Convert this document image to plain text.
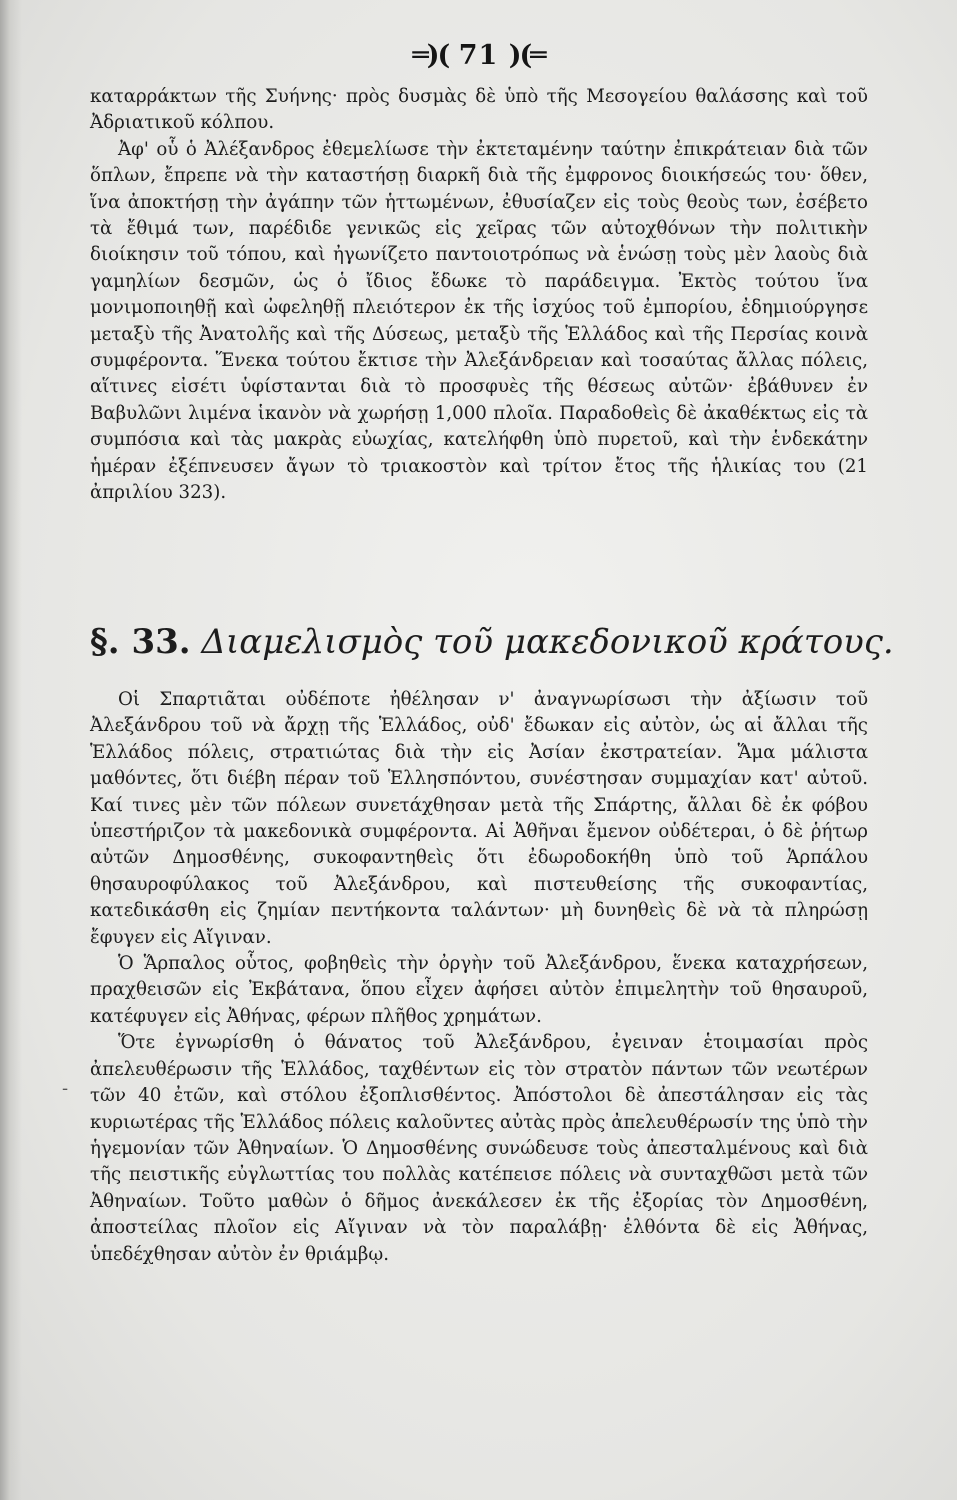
═)( 71 )(═

καταρράκτων τῆς Συήνης· πρὸς δυσμὰς δὲ ὑπὸ τῆς Μεσογείου θαλάσσης καὶ τοῦ Ἀδριατικοῦ κόλπου.

Ἀφ' οὗ ὁ Ἀλέξανδρος ἐθεμελίωσε τὴν ἐκτεταμένην ταύτην ἐπικράτειαν διὰ τῶν ὅπλων, ἔπρεπε νὰ τὴν καταστήσῃ διαρκῆ διὰ τῆς ἐμφρονος διοικήσεώς του· ὅθεν, ἵνα ἀποκτήσῃ τὴν ἀγάπην τῶν ἡττωμένων, ἐθυσίαζεν εἰς τοὺς θεοὺς των, ἐσέβετο τὰ ἔθιμά των, παρέδιδε γενικῶς εἰς χεῖρας τῶν αὐτοχθόνων τὴν πολιτικὴν διοίκησιν τοῦ τόπου, καὶ ἠγωνίζετο παντοιοτρόπως νὰ ἑνώσῃ τοὺς μὲν λαοὺς διὰ γαμηλίων δεσμῶν, ὡς ὁ ἴδιος ἔδωκε τὸ παράδειγμα. Ἐκτὸς τούτου ἵνα μονιμοποιηθῇ καὶ ὠφεληθῇ πλειότερον ἐκ τῆς ἰσχύος τοῦ ἐμπορίου, ἐδημιούργησε μεταξὺ τῆς Ἀνατολῆς καὶ τῆς Δύσεως, μεταξὺ τῆς Ἑλλάδος καὶ τῆς Περσίας κοινὰ συμφέροντα. Ἕνεκα τούτου ἔκτισε τὴν Ἀλεξάνδρειαν καὶ τοσαύτας ἄλλας πόλεις, αἵτινες εἰσέτι ὑφίστανται διὰ τὸ προσφυὲς τῆς θέσεως αὐτῶν· ἐβάθυνεν ἐν Βαβυλῶνι λιμένα ἱκανὸν νὰ χωρήσῃ 1,000 πλοῖα. Παραδοθεὶς δὲ ἀκαθέκτως εἰς τὰ συμπόσια καὶ τὰς μακρὰς εὐωχίας, κατελήφθη ὑπὸ πυρετοῦ, καὶ τὴν ἑνδεκάτην ἡμέραν ἐξέπνευσεν ἄγων τὸ τριακοστὸν καὶ τρίτον ἔτος τῆς ἡλικίας του (21 ἀπριλίου 323).

§. 33. Διαμελισμὸς τοῦ μακεδονικοῦ κράτους.

Οἱ Σπαρτιᾶται οὐδέποτε ἠθέλησαν ν' ἀναγνωρίσωσι τὴν ἀξίωσιν τοῦ Ἀλεξάνδρου τοῦ νὰ ἄρχῃ τῆς Ἑλλάδος, οὐδ' ἔδωκαν εἰς αὐτὸν, ὡς αἱ ἄλλαι τῆς Ἑλλάδος πόλεις, στρατιώτας διὰ τὴν εἰς Ἀσίαν ἐκστρατείαν. Ἅμα μάλιστα μαθόντες, ὅτι διέβη πέραν τοῦ Ἑλλησπόντου, συνέστησαν συμμαχίαν κατ' αὐτοῦ. Καί τινες μὲν τῶν πόλεων συνετάχθησαν μετὰ τῆς Σπάρτης, ἄλλαι δὲ ἐκ φόβου ὑπεστήριζον τὰ μακεδονικὰ συμφέροντα. Αἱ Ἀθῆναι ἔμενον οὐδέτεραι, ὁ δὲ ῥήτωρ αὐτῶν Δημοσθένης, συκοφαντηθεὶς ὅτι ἐδωροδοκήθη ὑπὸ τοῦ Ἁρπάλου θησαυροφύλακος τοῦ Ἀλεξάνδρου, καὶ πιστευθείσης τῆς συκοφαντίας, κατεδικάσθη εἰς ζημίαν πεντήκοντα ταλάντων· μὴ δυνηθεὶς δὲ νὰ τὰ πληρώσῃ ἔφυγεν εἰς Αἴγιναν.

Ὁ Ἅρπαλος οὗτος, φοβηθεὶς τὴν ὀργὴν τοῦ Ἀλεξάνδρου, ἕνεκα καταχρήσεων, πραχθεισῶν εἰς Ἐκβάτανα, ὅπου εἶχεν ἀφήσει αὐτὸν ἐπιμελητὴν τοῦ θησαυροῦ, κατέφυγεν εἰς Ἀθήνας, φέρων πλῆθος χρημάτων.

Ὅτε ἐγνωρίσθη ὁ θάνατος τοῦ Ἀλεξάνδρου, ἐγειναν ἑτοιμασίαι πρὸς ἀπελευθέρωσιν τῆς Ἑλλάδος, ταχθέντων εἰς τὸν στρατὸν πάντων τῶν νεωτέρων τῶν 40 ἐτῶν, καὶ στόλου ἐξοπλισθέντος. Ἀπόστολοι δὲ ἀπεστάλησαν εἰς τὰς κυριωτέρας τῆς Ἑλλάδος πόλεις καλοῦντες αὐτὰς πρὸς ἀπελευθέρωσίν της ὑπὸ τὴν ἡγεμονίαν τῶν Ἀθηναίων. Ὁ Δημοσθένης συνώδευσε τοὺς ἀπεσταλμένους καὶ διὰ τῆς πειστικῆς εὐγλωττίας του πολλὰς κατέπεισε πόλεις νὰ συνταχθῶσι μετὰ τῶν Ἀθηναίων. Τοῦτο μαθὼν ὁ δῆμος ἀνεκάλεσεν ἐκ τῆς ἐξορίας τὸν Δημοσθένη, ἀποστείλας πλοῖον εἰς Αἴγιναν νὰ τὸν παραλάβῃ· ἐλθόντα δὲ εἰς Ἀθήνας, ὑπεδέχθησαν αὐτὸν ἐν θριάμβῳ.

-
